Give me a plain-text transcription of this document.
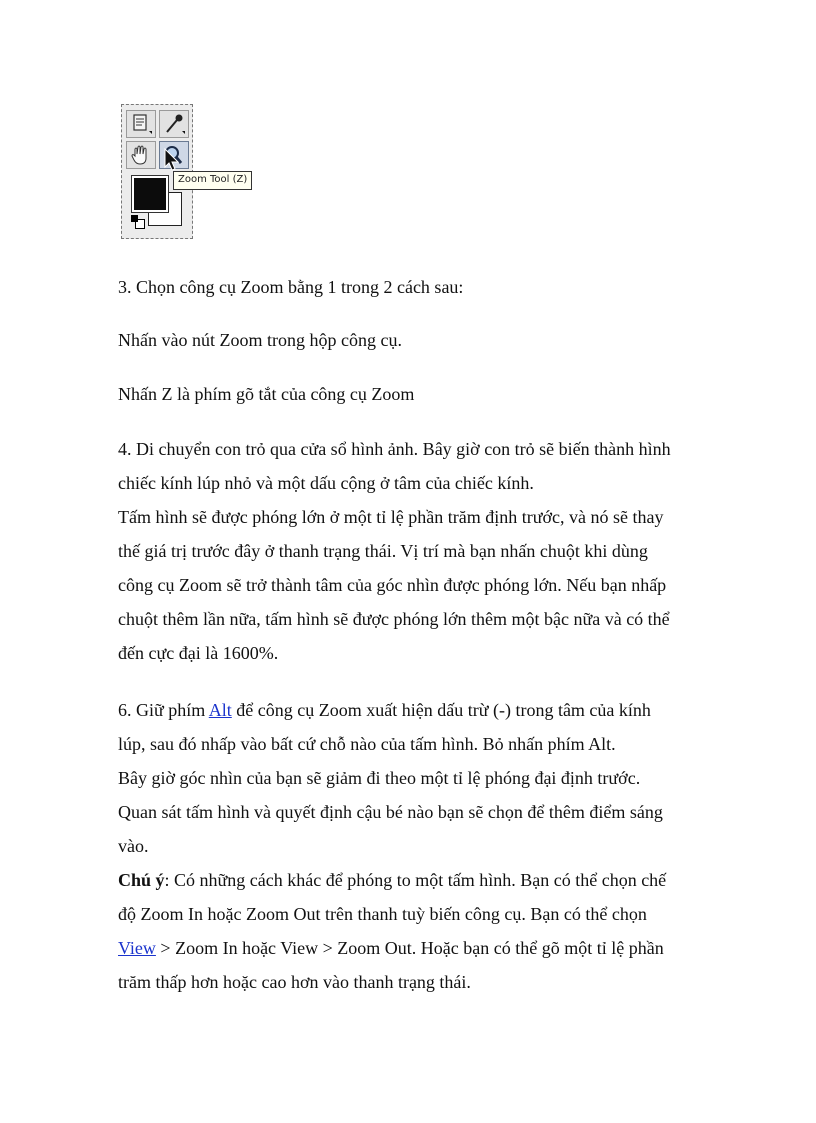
Zoom Tool (Z)

3. Chọn công cụ Zoom bằng 1 trong 2 cách sau:

Nhấn vào nút Zoom trong hộp công cụ.

Nhấn Z là phím gõ tắt của công cụ Zoom

4. Di chuyển con trỏ qua cửa sổ hình ảnh. Bây giờ con trỏ sẽ biến thành hình
chiếc kính lúp nhỏ và một dấu cộng ở tâm của chiếc kính.
Tấm hình sẽ được phóng lớn ở một tỉ lệ phần trăm định trước, và nó sẽ thay
thế giá trị trước đây ở thanh trạng thái. Vị trí mà bạn nhấn chuột khi dùng
công cụ Zoom sẽ trở thành tâm của góc nhìn được phóng lớn. Nếu bạn nhấp
chuột thêm lần nữa, tấm hình sẽ được phóng lớn thêm một bậc nữa và có thể
đến cực đại là 1600%.
6. Giữ phím Alt để công cụ Zoom xuất hiện dấu trừ (-) trong tâm của kính
lúp, sau đó nhấp vào bất cứ chỗ nào của tấm hình. Bỏ nhấn phím Alt.
Bây giờ góc nhìn của bạn sẽ giảm đi theo một tỉ lệ phóng đại định trước.
Quan sát tấm hình và quyết định cậu bé nào bạn sẽ chọn để thêm điểm sáng
vào.
Chú ý: Có những cách khác để phóng to một tấm hình. Bạn có thể chọn chế
độ Zoom In hoặc Zoom Out trên thanh tuỳ biến công cụ. Bạn có thể chọn
View > Zoom In hoặc View > Zoom Out. Hoặc bạn có thể gõ một tỉ lệ phần
trăm thấp hơn hoặc cao hơn vào thanh trạng thái.
